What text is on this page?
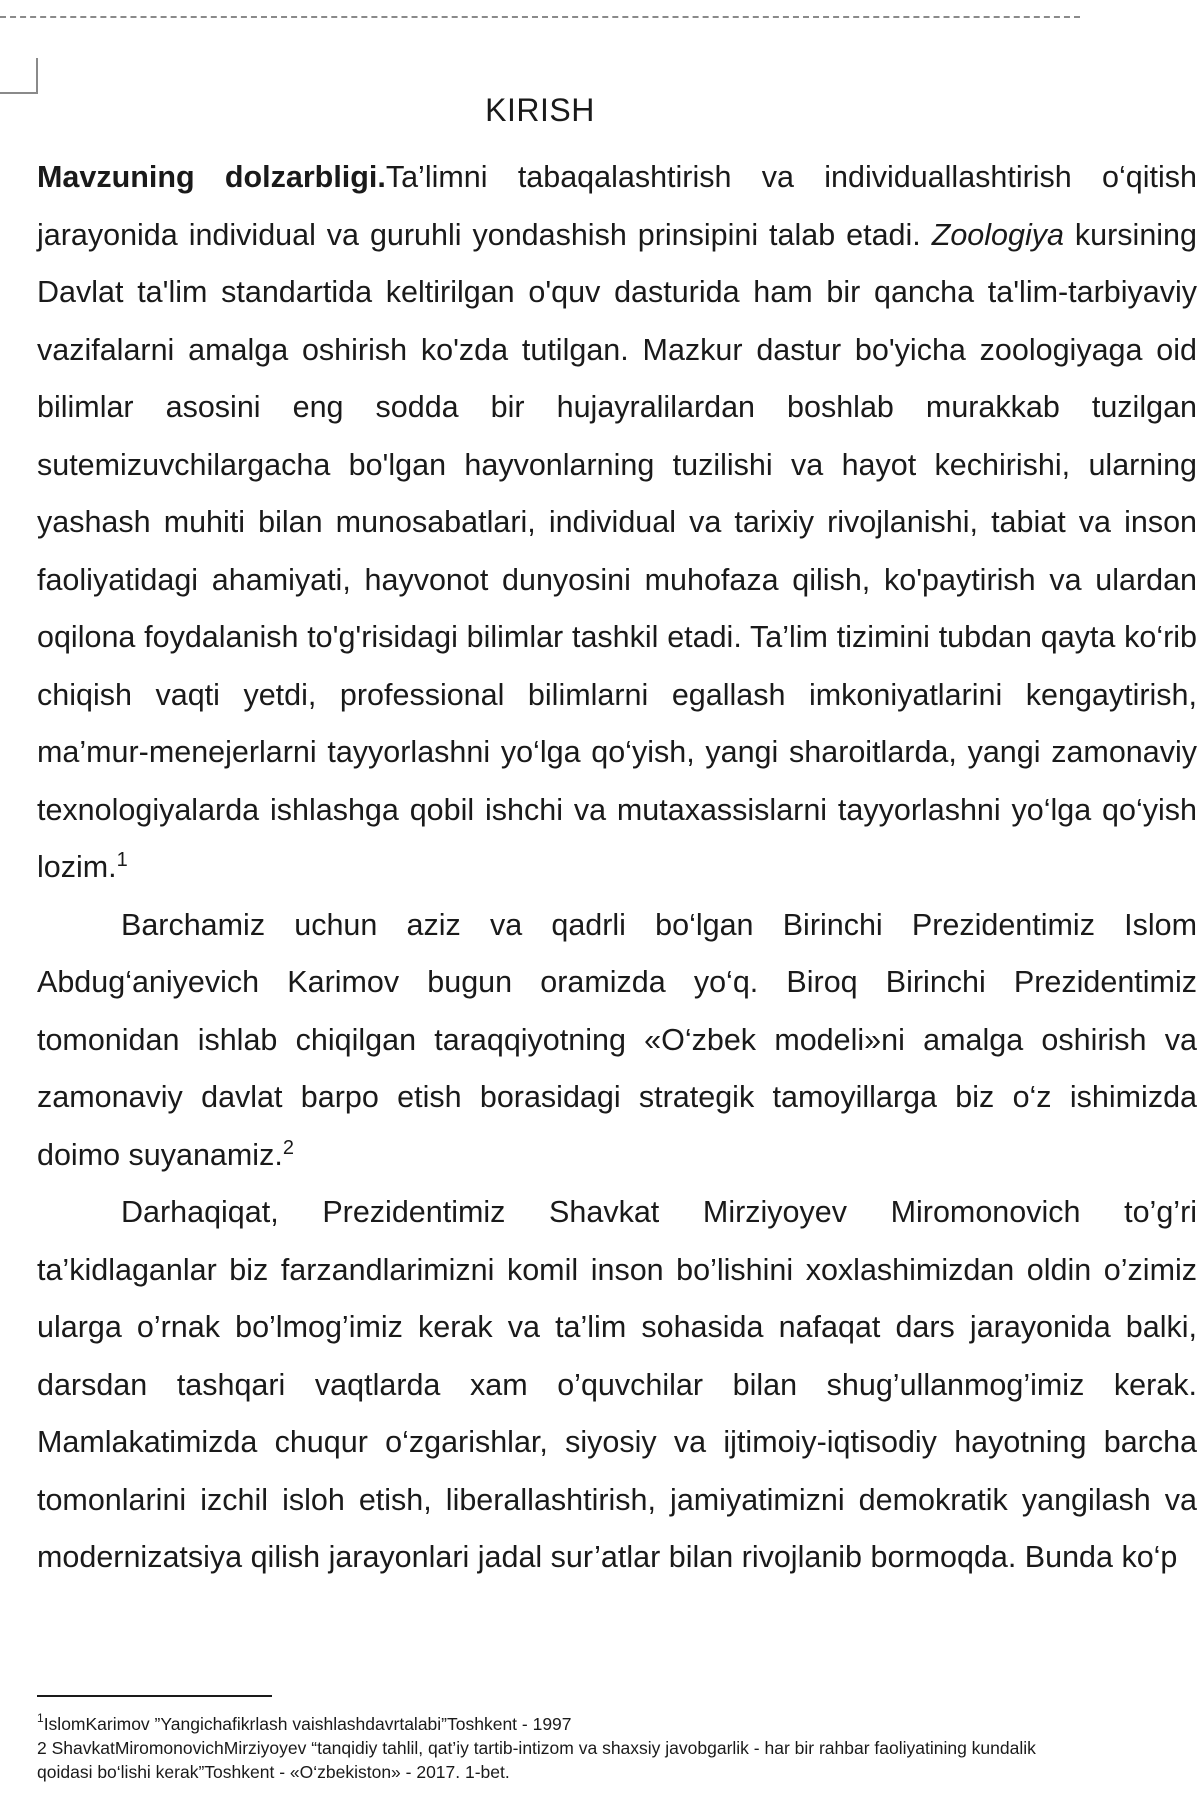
KIRISH

Mavzuning dolzarbligi.Ta’limni tabaqalashtirish va individuallashtirish o‘qitish jarayonida individual va guruhli yondashish prinsipini talab etadi. Zoologiya kursining Davlat ta'lim standartida keltirilgan o'quv dasturida ham bir qancha ta'lim-tarbiyaviy vazifalarni amalga oshirish ko'zda tutilgan. Mazkur dastur bo'yicha zoologiyaga oid bilimlar asosini eng sodda bir hujayralilardan boshlab murakkab tuzilgan sutemizuvchilargacha bo'lgan hayvonlarning tuzilishi va hayot kechirishi, ularning yashash muhiti bilan munosabatlari, individual va tarixiy rivojlanishi, tabiat va inson faoliyatidagi ahamiyati, hayvonot dunyosini muhofaza qilish, ko'paytirish va ulardan oqilona foydalanish to'g'risidagi bilimlar tashkil etadi. Ta’lim tizimini tubdan qayta ko‘rib chiqish vaqti yetdi, professional bilimlarni egallash imkoniyatlarini kengaytirish, ma’mur-menejerlarni tayyorlashni yo‘lga qo‘yish, yangi sharoitlarda, yangi zamonaviy texnologiyalarda ishlashga qobil ishchi va mutaxassislarni tayyorlashni yo‘lga qo‘yish lozim.$^1$

Barchamiz uchun aziz va qadrli bo‘lgan Birinchi Prezidentimiz Islom Abdug‘aniyevich Karimov bugun oramizda yo‘q. Biroq Birinchi Prezidentimiz tomonidan ishlab chiqilgan taraqqiyotning «O‘zbek modeli»ni amalga oshirish va zamonaviy davlat barpo etish borasidagi strategik tamoyillarga biz o‘z ishimizda doimo suyanamiz.$^2$

Darhaqiqat, Prezidentimiz Shavkat Mirziyoyev Miromonovich to’g’ri ta’kidlaganlar biz farzandlarimizni komil inson bo’lishini xoxlashimizdan oldin o’zimiz ularga o’rnak bo’lmog’imiz kerak va ta’lim sohasida nafaqat dars jarayonida balki, darsdan tashqari vaqtlarda xam o’quvchilar bilan shug’ullanmog’imiz kerak. Mamlakatimizda chuqur o‘zgarishlar, siyosiy va ijtimoiy-iqtisodiy hayotning barcha tomonlarini izchil isloh etish, liberallashtirish, jamiyatimizni demokratik yangilash va modernizatsiya qilish jarayonlari jadal sur’atlar bilan rivojlanib bormoqda. Bunda ko‘p

$^1$IslomKarimov ”Yangichafikrlash vaishlashdavrtalabi”Toshkent - 1997
2 ShavkatMiromonovichMirziyoyev “tanqidiy tahlil, qat’iy tartib-intizom va shaxsiy javobgarlik - har bir rahbar faoliyatining kundalik
qoidasi bo‘lishi kerak”Toshkent - «O‘zbekiston» - 2017. 1-bet.
